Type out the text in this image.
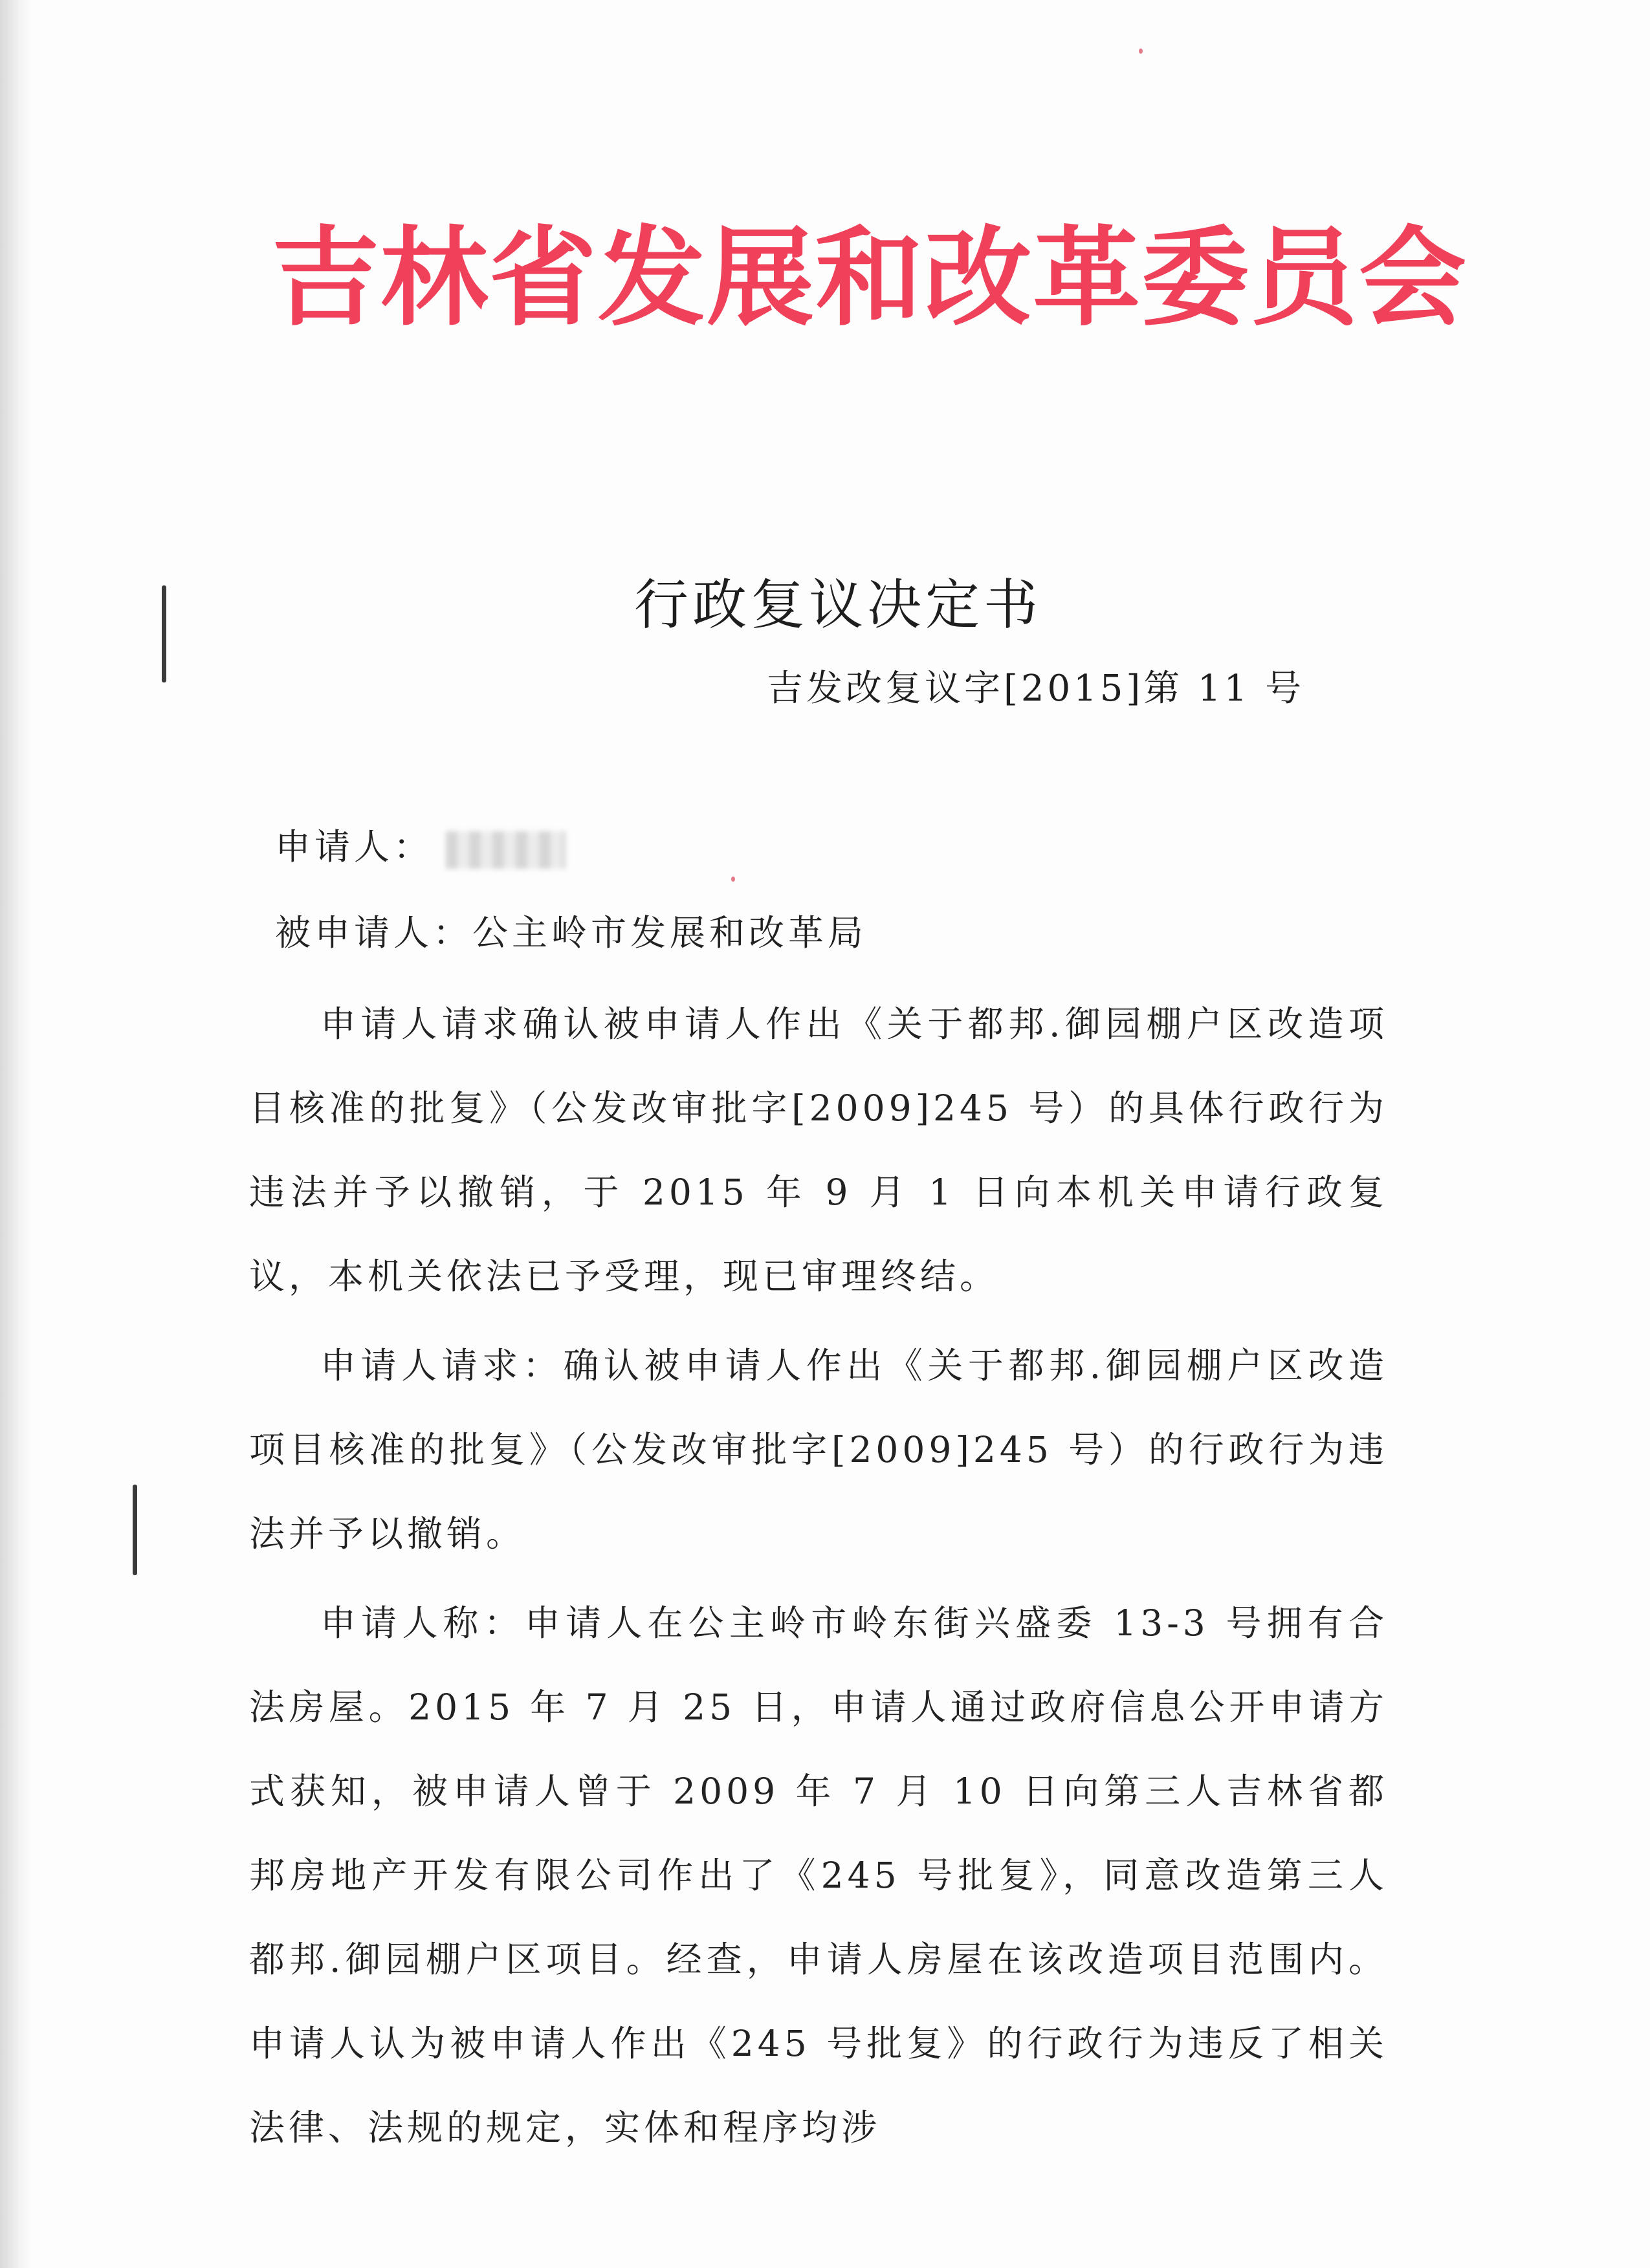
吉林省发展和改革委员会
行政复议决定书
吉发改复议字[2015]第 11 号
申请人：
被申请人：公主岭市发展和改革局

申请人请求确认被申请人作出《关于都邦.御园棚户区改造项目核准的批复》（公发改审批字[2009]245 号）的具体行政行为违法并予以撤销，于 2015 年 9 月 1 日向本机关申请行政复议，本机关依法已予受理，现已审理终结。

申请人请求：确认被申请人作出《关于都邦.御园棚户区改造项目核准的批复》（公发改审批字[2009]245 号）的行政行为违法并予以撤销。

申请人称：申请人在公主岭市岭东街兴盛委 13-3 号拥有合法房屋。2015 年 7 月 25 日，申请人通过政府信息公开申请方式获知，被申请人曾于 2009 年 7 月 10 日向第三人吉林省都邦房地产开发有限公司作出了《245 号批复》，同意改造第三人都邦.御园棚户区项目。经查，申请人房屋在该改造项目范围内。申请人认为被申请人作出《245 号批复》的行政行为违反了相关法律、法规的规定，实体和程序均涉
